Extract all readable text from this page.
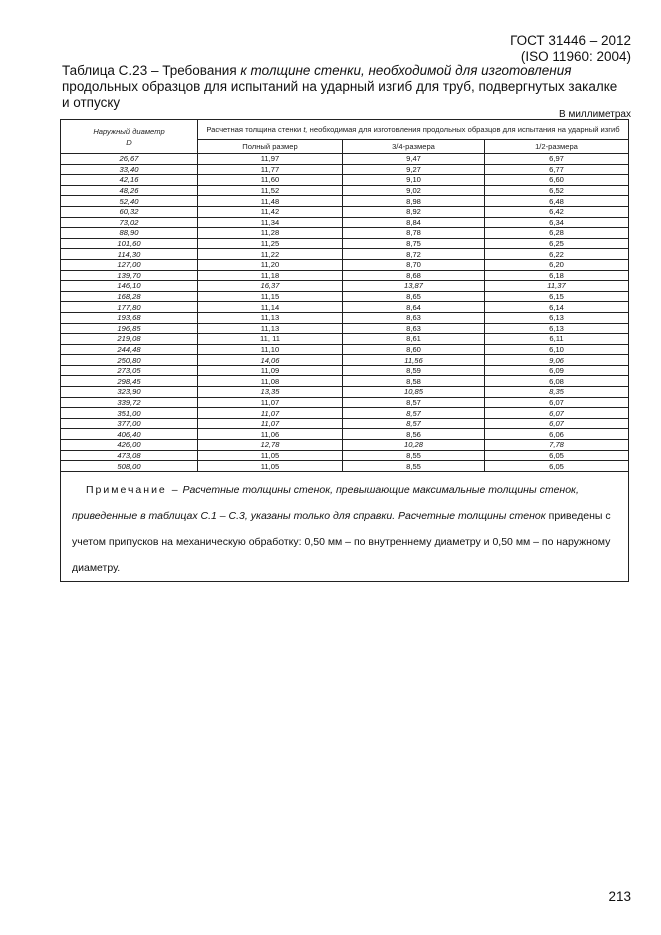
ГОСТ 31446 – 2012
(ISO 11960: 2004)
Таблица C.23 – Требования к толщине стенки, необходимой для изготовления продольных образцов для испытаний на ударный изгиб для труб, подвергнутых закалке и отпуску
В миллиметрах
Наружный диаметр
D	Расчетная толщина стенки t, необходимая для изготовления продольных образцов для испытания на ударный изгиб		
	Полный размер	3/4-размера	1/2-размера
26,67	11,97	9,47	6,97
33,40	11,77	9,27	6,77
42,16	11,60	9,10	6,60
48,26	11,52	9,02	6,52
52,40	11,48	8,98	6,48
60,32	11,42	8,92	6,42
73,02	11,34	8,84	6,34
88,90	11,28	8,78	6,28
101,60	11,25	8,75	6,25
114,30	11,22	8,72	6,22
127,00	11,20	8,70	6,20
139,70	11,18	8,68	6,18
146,10	16,37	13,87	11,37
168,28	11,15	8,65	6,15
177,80	11,14	8,64	6,14
193,68	11,13	8,63	6,13
196,85	11,13	8,63	6,13
219,08	11, 11	8,61	6,11
244,48	11,10	8,60	6,10
250,80	14,06	11,56	9,06
273,05	11,09	8,59	6,09
298,45	11,08	8,58	6,08
323,90	13,35	10,85	8,35
339,72	11,07	8,57	6,07
351,00	11,07	8,57	6,07
377,00	11,07	8,57	6,07
406,40	11,06	8,56	6,06
426,00	12,78	10,28	7,78
473,08	11,05	8,55	6,05
508,00	11,05	8,55	6,05
Примечание – Расчетные толщины стенок, превышающие максимальные толщины стенок, приведенные в таблицах C.1 – C.3, указаны только для справки. Расчетные толщины стенок приведены с учетом припусков на механическую обработку: 0,50 мм – по внутреннему диаметру и 0,50 мм – по наружному диаметру.			
213
